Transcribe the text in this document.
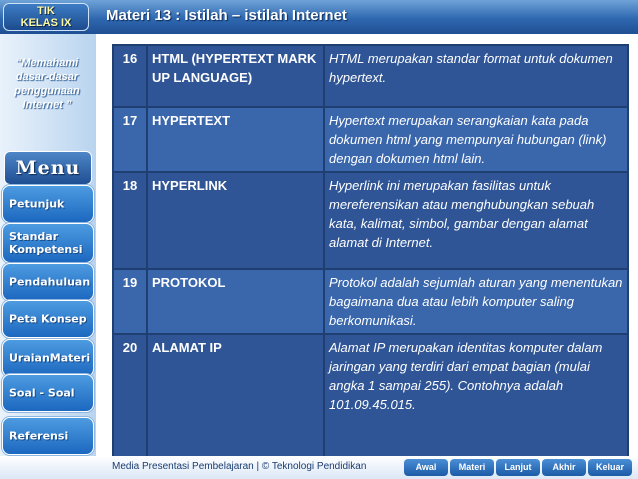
TIK
KELAS IX	Materi 13 : Istilah – istilah Internet
“Memahami dasar-dasar penggunaan Internet ”
Menu
Petunjuk
Standar Kompetensi
Pendahuluan
Peta Konsep
UraianMateri
Soal - Soal
Referensi
16	HTML (HYPERTEXT MARK UP LANGUAGE)	HTML merupakan standar format untuk dokumen hypertext.
17	HYPERTEXT	Hypertext merupakan serangkaian kata pada dokumen html yang mempunyai hubungan (link) dengan dokumen html lain.
18	HYPERLINK	Hyperlink ini merupakan fasilitas untuk mereferensikan atau menghubungkan sebuah kata, kalimat, simbol, gambar dengan alamat alamat di Internet.
19	PROTOKOL	Protokol adalah sejumlah aturan yang menentukan bagaimana dua atau lebih komputer saling berkomunikasi.
20	ALAMAT IP	Alamat IP merupakan identitas komputer dalam jaringan yang terdiri dari empat bagian (mulai angka 1 sampai 255). Contohnya adalah 101.09.45.015.
Media Presentasi Pembelajaran | © Teknologi Pendidikan	Awal	Materi	Lanjut	Akhir	Keluar
